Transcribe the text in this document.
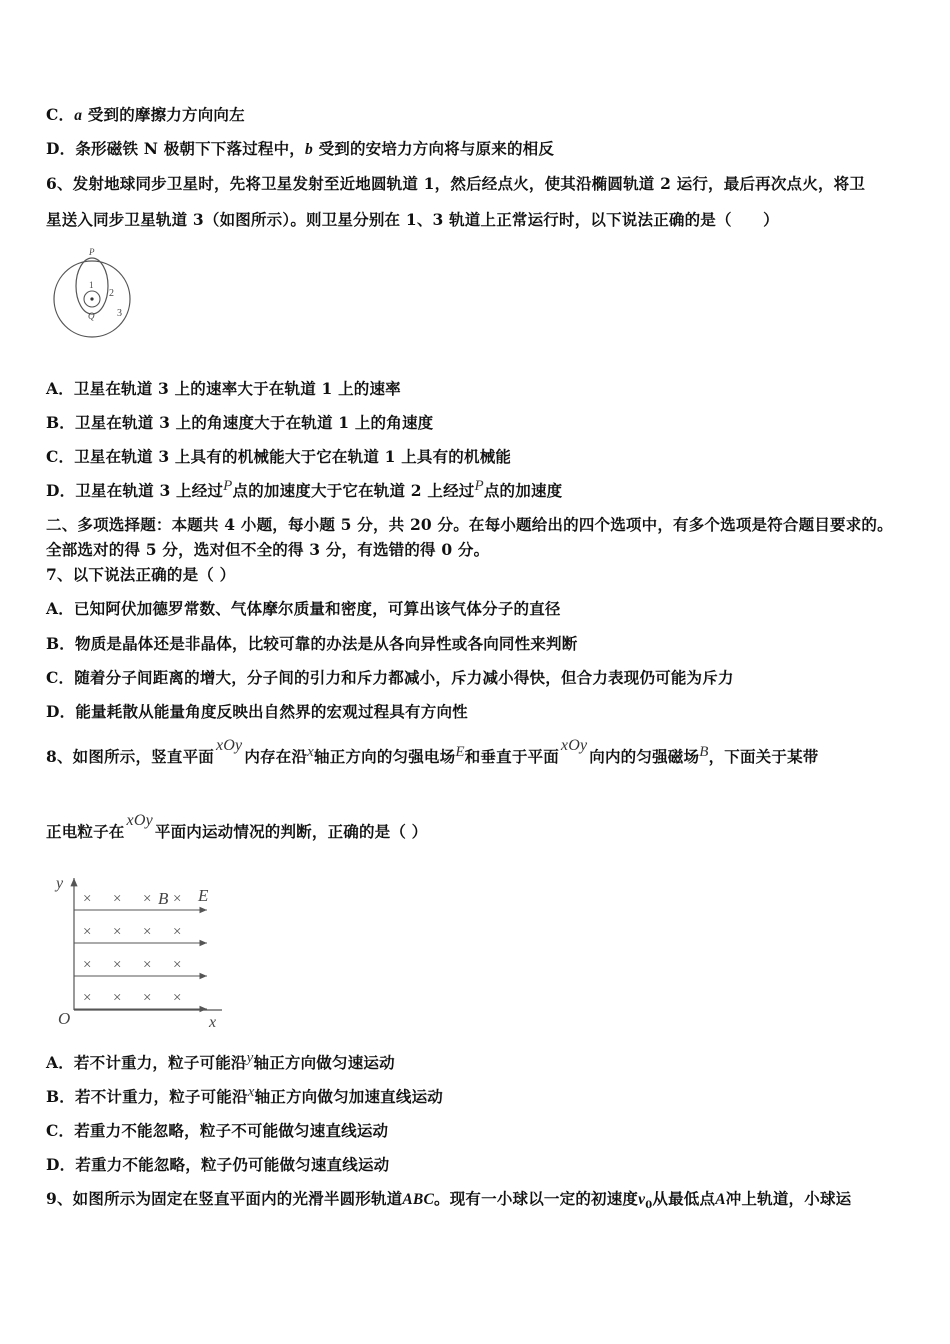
C．a 受到的摩擦力方向向左
D．条形磁铁 N 极朝下下落过程中，b 受到的安培力方向将与原来的相反
6、发射地球同步卫星时，先将卫星发射至近地圆轨道 1，然后经点火，使其沿椭圆轨道 2 运行，最后再次点火，将卫
星送入同步卫星轨道 3（如图所示）。则卫星分别在 1、3 轨道上正常运行时，以下说法正确的是（　　）
P
Q
1
2
3
A．卫星在轨道 3 上的速率大于在轨道 1 上的速率
B．卫星在轨道 3 上的角速度大于在轨道 1 上的角速度
C．卫星在轨道 3 上具有的机械能大于它在轨道 1 上具有的机械能
D．卫星在轨道 3 上经过P点的加速度大于它在轨道 2 上经过P点的加速度
二、多项选择题：本题共 4 小题，每小题 5 分，共 20 分。在每小题给出的四个选项中，有多个选项是符合题目要求的。
全部选对的得 5 分，选对但不全的得 3 分，有选错的得 0 分。
7、以下说法正确的是（ ）
A．已知阿伏加德罗常数、气体摩尔质量和密度，可算出该气体分子的直径
B．物质是晶体还是非晶体，比较可靠的办法是从各向异性或各向同性来判断
C．随着分子间距离的增大，分子间的引力和斥力都减小，斥力减小得快，但合力表现仍可能为斥力
D．能量耗散从能量角度反映出自然界的宏观过程具有方向性
8、如图所示，竖直平面xOy内存在沿x轴正方向的匀强电场E和垂直于平面xOy向内的匀强磁场B，下面关于某带
正电粒子在xOy平面内运动情况的判断，正确的是（ ）
× × × ×
× × × ×
× × × ×
× × × ×
y
B E
O	x
A．若不计重力，粒子可能沿y轴正方向做匀速运动
B．若不计重力，粒子可能沿x轴正方向做匀加速直线运动
C．若重力不能忽略，粒子不可能做匀速直线运动
D．若重力不能忽略，粒子仍可能做匀速直线运动
9、如图所示为固定在竖直平面内的光滑半圆形轨道ABC。现有一小球以一定的初速度$v_0$从最低点A冲上轨道，小球运
